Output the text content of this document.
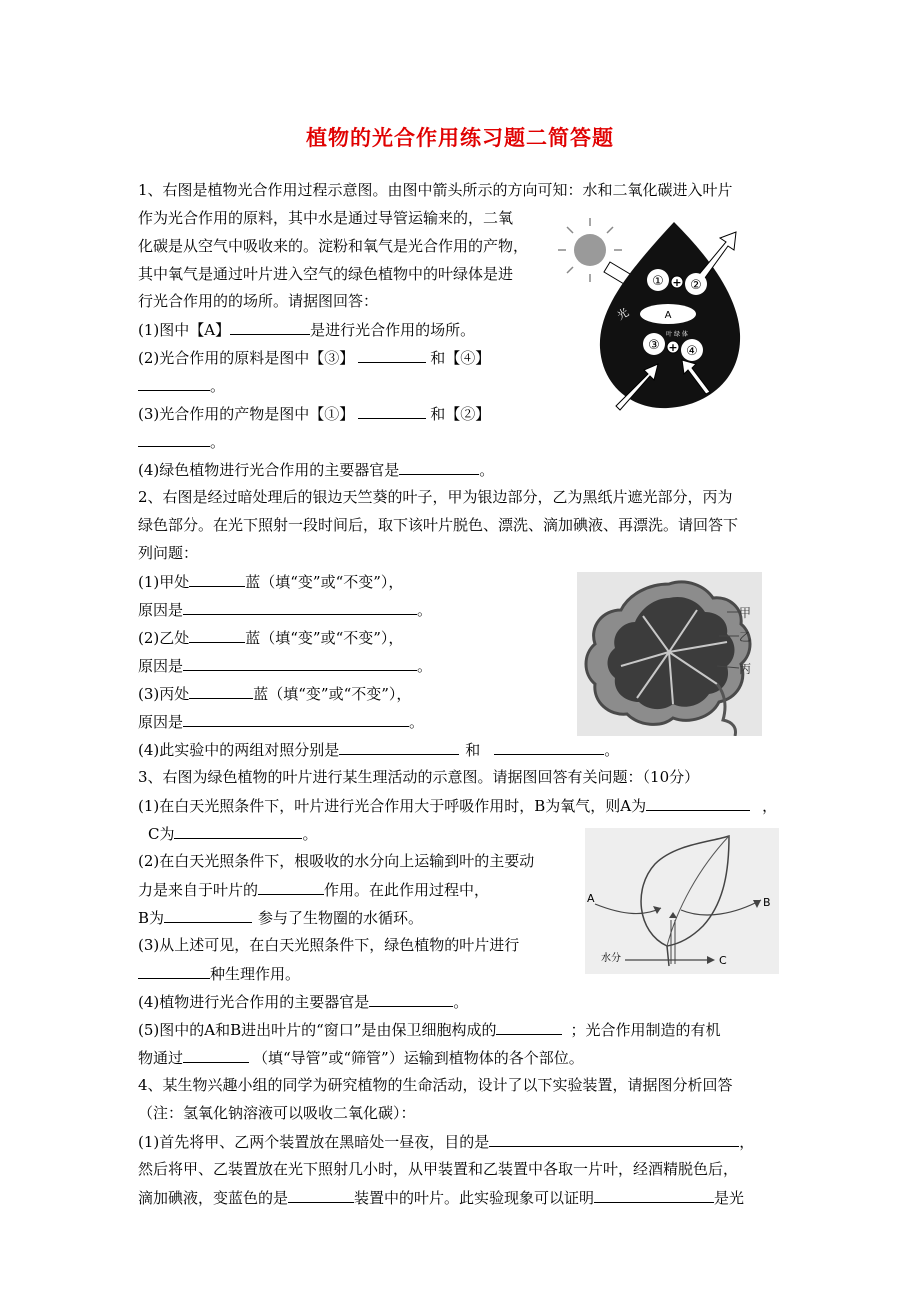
植物的光合作用练习题二简答题
1、右图是植物光合作用过程示意图。由图中箭头所示的方向可知：水和二氧化碳进入叶片
作为光合作用的原料，其中水是通过导管运输来的，二氧
化碳是从空气中吸收来的。淀粉和氧气是光合作用的产物，
其中氧气是通过叶片进入空气的绿色植物中的叶绿体是进
行光合作用的的场所。请据图回答：
(1)图中【A】	是进行光合作用的场所。
(2)光合作用的原料是图中【③】	和【④】
。
(3)光合作用的产物是图中【①】	和【②】
。
(4)绿色植物进行光合作用的主要器官是	。
光
① ②
+
A
叶 绿 体
③ ④
+
2、右图是经过暗处理后的银边天竺葵的叶子，甲为银边部分，乙为黑纸片遮光部分，丙为
绿色部分。在光下照射一段时间后，取下该叶片脱色、漂洗、滴加碘液、再漂洗。请回答下
列问题：
(1)甲处	蓝（填“变”或“不变”），
原因是	。
(2)乙处	蓝（填“变”或“不变”），
原因是	。
(3)丙处	蓝（填“变”或“不变”），
原因是	。
(4)此实验中的两组对照分别是	和	。
甲
乙
丙
3、右图为绿色植物的叶片进行某生理活动的示意图。请据图回答有关问题：（10分）
(1)在白天光照条件下，叶片进行光合作用大于呼吸作用时，B为氧气，则A为	，
C为	。
(2)在白天光照条件下，根吸收的水分向上运输到叶的主要动
力是来自于叶片的	作用。在此作用过程中，
B为	参与了生物圈的水循环。
(3)从上述可见，在白天光照条件下，绿色植物的叶片进行
种生理作用。
(4)植物进行光合作用的主要器官是	。
(5)图中的A和B进出叶片的“窗口”是由保卫细胞构成的	；光合作用制造的有机
物通过	（填“导管”或“筛管”）运输到植物体的各个部位。
A	B
C
水分
4、某生物兴趣小组的同学为研究植物的生命活动，设计了以下实验装置，请据图分析回答
（注：氢氧化钠溶液可以吸收二氧化碳）：
(1)首先将甲、乙两个装置放在黑暗处一昼夜，目的是	，
然后将甲、乙装置放在光下照射几小时，从甲装置和乙装置中各取一片叶，经酒精脱色后，
滴加碘液，变蓝色的是	装置中的叶片。此实验现象可以证明	是光
